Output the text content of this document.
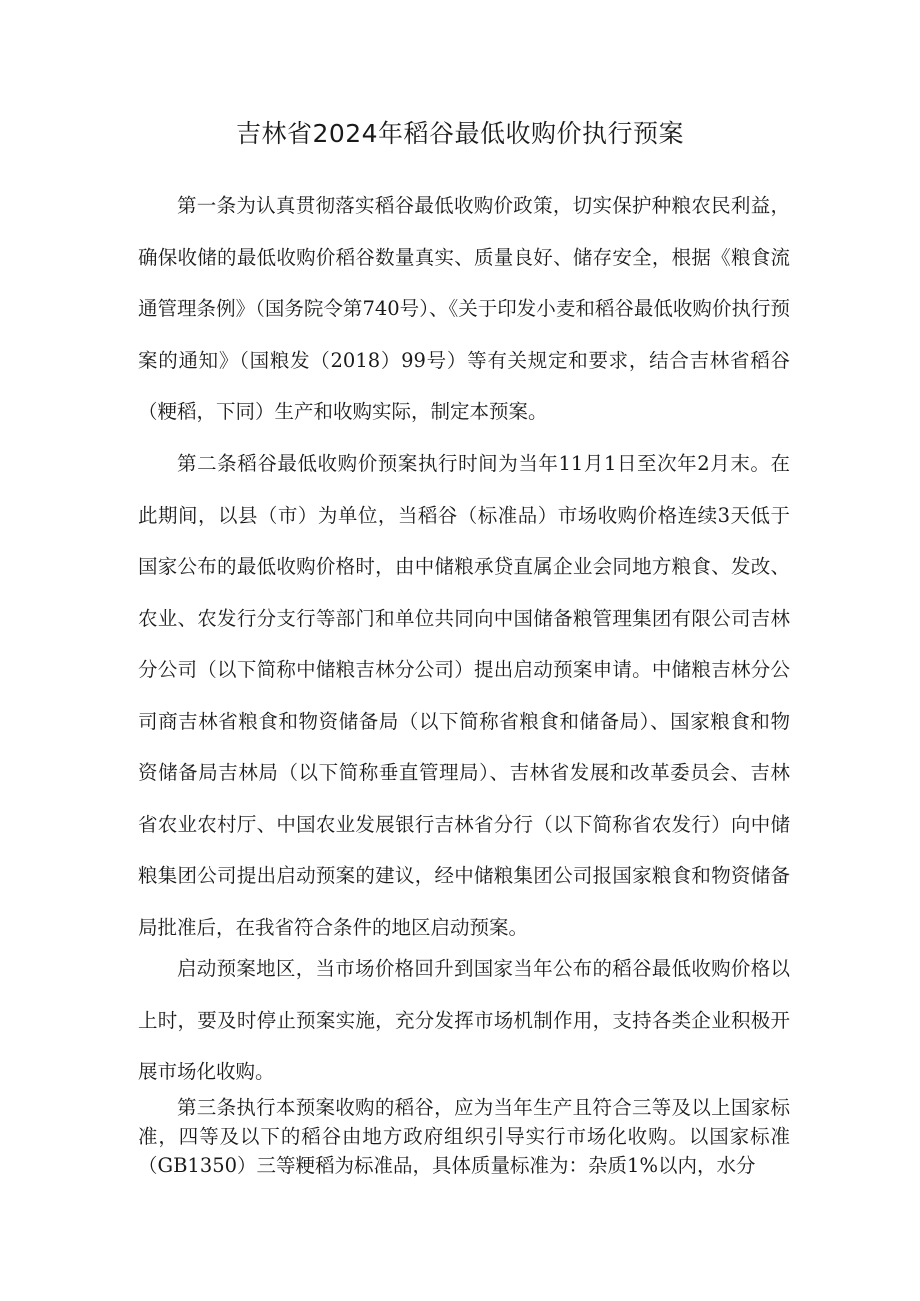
吉林省2024年稻谷最低收购价执行预案

第一条为认真贯彻落实稻谷最低收购价政策，切实保护种粮农民利益，确保收储的最低收购价稻谷数量真实、质量良好、储存安全，根据《粮食流通管理条例》（国务院令第740号）、《关于印发小麦和稻谷最低收购价执行预案的通知》（国粮发（2018）99号）等有关规定和要求，结合吉林省稻谷（粳稻，下同）生产和收购实际，制定本预案。

第二条稻谷最低收购价预案执行时间为当年11月1日至次年2月末。在此期间，以县（市）为单位，当稻谷（标准品）市场收购价格连续3天低于国家公布的最低收购价格时，由中储粮承贷直属企业会同地方粮食、发改、农业、农发行分支行等部门和单位共同向中国储备粮管理集团有限公司吉林分公司（以下简称中储粮吉林分公司）提出启动预案申请。中储粮吉林分公司商吉林省粮食和物资储备局（以下简称省粮食和储备局）、国家粮食和物资储备局吉林局（以下简称垂直管理局）、吉林省发展和改革委员会、吉林省农业农村厅、中国农业发展银行吉林省分行（以下简称省农发行）向中储粮集团公司提出启动预案的建议，经中储粮集团公司报国家粮食和物资储备局批准后，在我省符合条件的地区启动预案。

启动预案地区，当市场价格回升到国家当年公布的稻谷最低收购价格以上时，要及时停止预案实施，充分发挥市场机制作用，支持各类企业积极开展市场化收购。

第三条执行本预案收购的稻谷，应为当年生产且符合三等及以上国家标准，四等及以下的稻谷由地方政府组织引导实行市场化收购。以国家标准（GB1350）三等粳稻为标准品，具体质量标准为：杂质1%以内，水分
